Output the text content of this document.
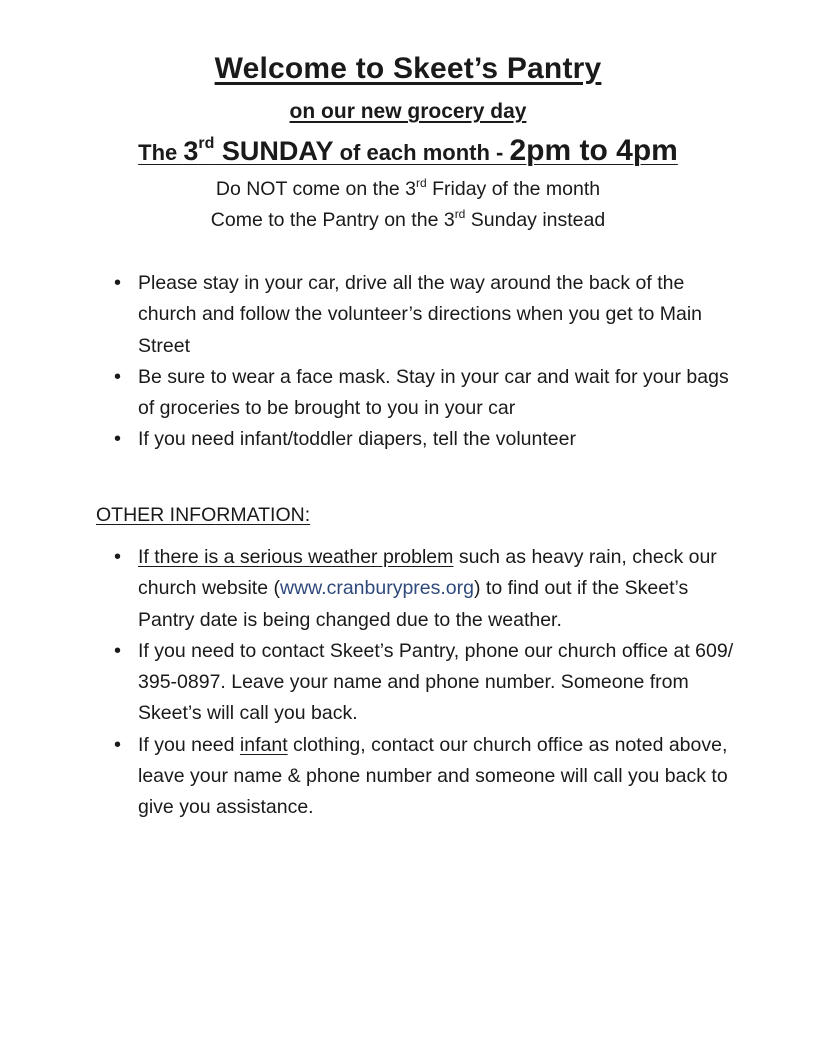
Welcome to Skeet’s Pantry
on our new grocery day
The 3rd SUNDAY of each month - 2pm to 4pm
Do NOT come on the 3rd Friday of the month
Come to the Pantry on the 3rd Sunday instead
• Please stay in your car, drive all the way around the back of the church and follow the volunteer’s directions when you get to Main Street
• Be sure to wear a face mask. Stay in your car and wait for your bags of groceries to be brought to you in your car
• If you need infant/toddler diapers, tell the volunteer
OTHER INFORMATION:
• If there is a serious weather problem such as heavy rain, check our church website (www.cranburypres.org) to find out if the Skeet’s Pantry date is being changed due to the weather.
• If you need to contact Skeet’s Pantry, phone our church office at 609/ 395-0897. Leave your name and phone number. Someone from Skeet’s will call you back.
• If you need infant clothing, contact our church office as noted above, leave your name & phone number and someone will call you back to give you assistance.
